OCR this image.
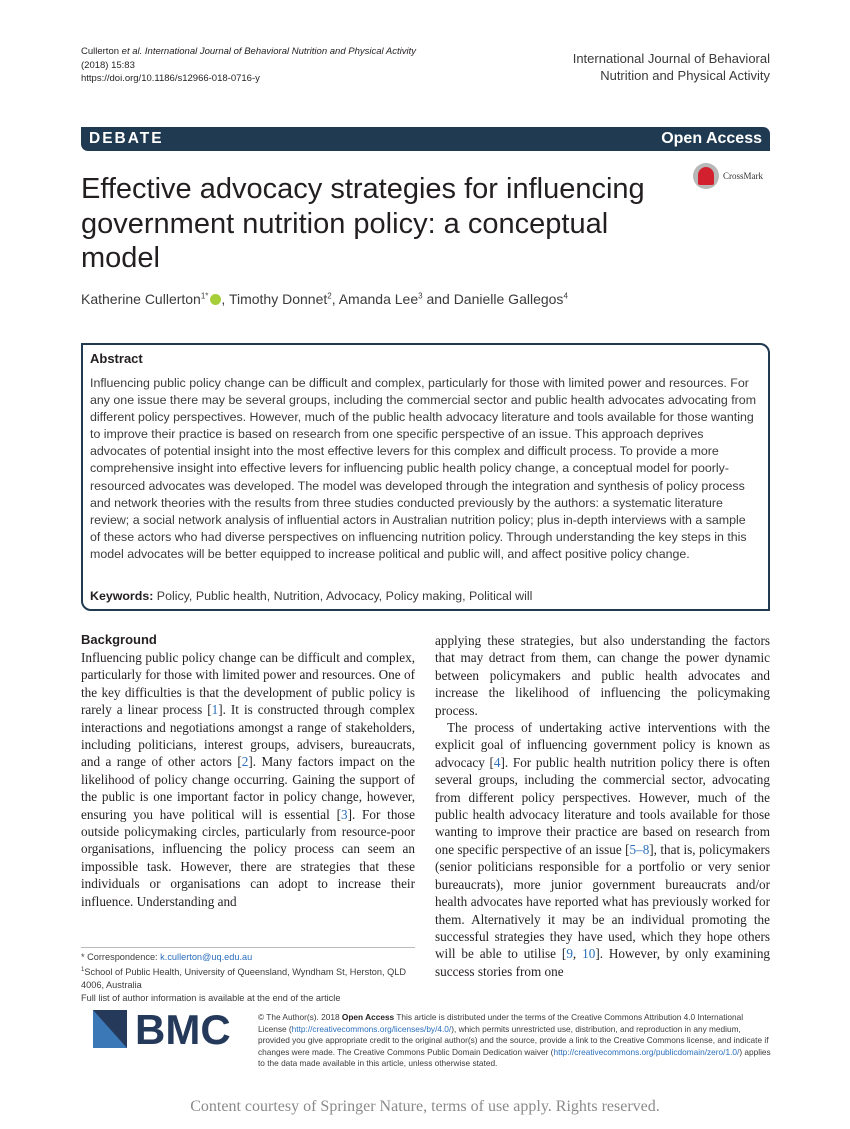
Cullerton et al. International Journal of Behavioral Nutrition and Physical Activity
(2018) 15:83
https://doi.org/10.1186/s12966-018-0716-y
International Journal of Behavioral
Nutrition and Physical Activity
DEBATE	Open Access
CrossMark
Effective advocacy strategies for influencing government nutrition policy: a conceptual model
Katherine Cullerton$^{1*}$ , Timothy Donnet$^2$, Amanda Lee$^3$ and Danielle Gallegos$^4$
Abstract
Influencing public policy change can be difficult and complex, particularly for those with limited power and resources. For any one issue there may be several groups, including the commercial sector and public health advocates advocating from different policy perspectives. However, much of the public health advocacy literature and tools available for those wanting to improve their practice is based on research from one specific perspective of an issue. This approach deprives advocates of potential insight into the most effective levers for this complex and difficult process. To provide a more comprehensive insight into effective levers for influencing public health policy change, a conceptual model for poorly-resourced advocates was developed. The model was developed through the integration and synthesis of policy process and network theories with the results from three studies conducted previously by the authors: a systematic literature review; a social network analysis of influential actors in Australian nutrition policy; plus in-depth interviews with a sample of these actors who had diverse perspectives on influencing nutrition policy. Through understanding the key steps in this model advocates will be better equipped to increase political and public will, and affect positive policy change.
Keywords: Policy, Public health, Nutrition, Advocacy, Policy making, Political will
Background
Influencing public policy change can be difficult and complex, particularly for those with limited power and resources. One of the key difficulties is that the development of public policy is rarely a linear process [1]. It is constructed through complex interactions and negotiations amongst a range of stakeholders, including politicians, interest groups, advisers, bureaucrats, and a range of other actors [2]. Many factors impact on the likelihood of policy change occurring. Gaining the support of the public is one important factor in policy change, however, ensuring you have political will is essential [3]. For those outside policymaking circles, particularly from resource-poor organisations, influencing the policy process can seem an impossible task. However, there are strategies that these individuals or organisations can adopt to increase their influence. Understanding and
applying these strategies, but also understanding the factors that may detract from them, can change the power dynamic between policymakers and public health advocates and increase the likelihood of influencing the policymaking process.
The process of undertaking active interventions with the explicit goal of influencing government policy is known as advocacy [4]. For public health nutrition policy there is often several groups, including the commercial sector, advocating from different policy perspectives. However, much of the public health advocacy literature and tools available for those wanting to improve their practice are based on research from one specific perspective of an issue [5–8], that is, policymakers (senior politicians responsible for a portfolio or very senior bureaucrats), more junior government bureaucrats and/or health advocates have reported what has previously worked for them. Alternatively it may be an individual promoting the successful strategies they have used, which they hope others will be able to utilise [9, 10]. However, by only examining success stories from one
* Correspondence: k.cullerton@uq.edu.au
$^1$School of Public Health, University of Queensland, Wyndham St, Herston, QLD 4006, Australia
Full list of author information is available at the end of the article
BMC	© The Author(s). 2018 Open Access This article is distributed under the terms of the Creative Commons Attribution 4.0 International License (http://creativecommons.org/licenses/by/4.0/), which permits unrestricted use, distribution, and reproduction in any medium, provided you give appropriate credit to the original author(s) and the source, provide a link to the Creative Commons license, and indicate if changes were made. The Creative Commons Public Domain Dedication waiver (http://creativecommons.org/publicdomain/zero/1.0/) applies to the data made available in this article, unless otherwise stated.
Content courtesy of Springer Nature, terms of use apply. Rights reserved.
